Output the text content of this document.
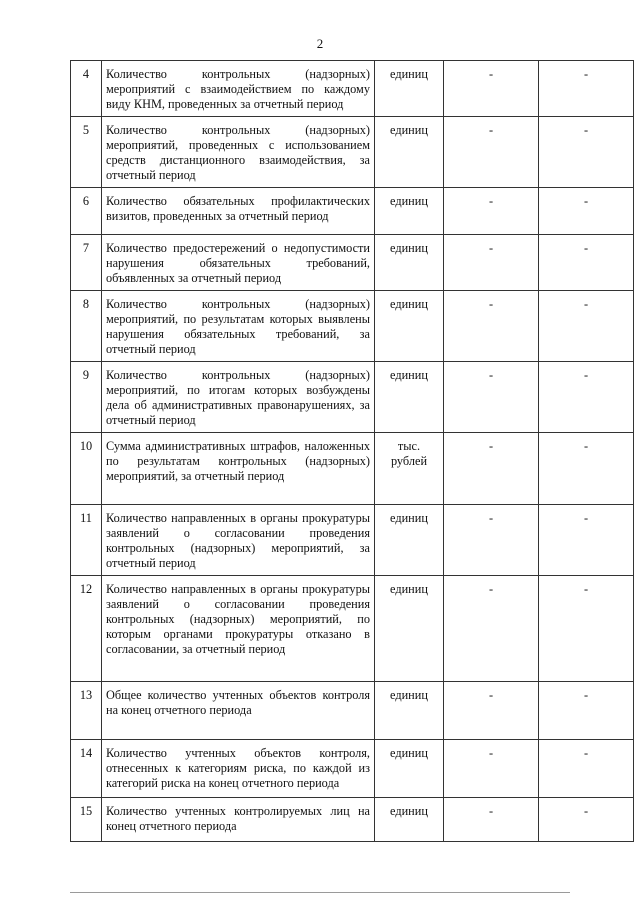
2
4	Количество контрольных (надзорных) мероприятий с взаимодействием по каждому виду КНМ, проведенных за отчетный период	единиц	-	-
5	Количество контрольных (надзорных) мероприятий, проведенных с использованием средств дистанционного взаимодействия, за отчетный период	единиц	-	-
6	Количество обязательных профилактических визитов, проведенных за отчетный период	единиц	-	-
7	Количество предостережений о недопустимости нарушения обязательных требований, объявленных за отчетный период	единиц	-	-
8	Количество контрольных (надзорных) мероприятий, по результатам которых выявлены нарушения обязательных требований, за отчетный период	единиц	-	-
9	Количество контрольных (надзорных) мероприятий, по итогам которых возбуждены дела об административных правонарушениях, за отчетный период	единиц	-	-
10	Сумма административных штрафов, наложенных по результатам контрольных (надзорных) мероприятий, за отчетный период	тыс. рублей	-	-
11	Количество направленных в органы прокуратуры заявлений о согласовании проведения контрольных (надзорных) мероприятий, за отчетный период	единиц	-	-
12	Количество направленных в органы прокуратуры заявлений о согласовании проведения контрольных (надзорных) мероприятий, по которым органами прокуратуры отказано в согласовании, за отчетный период	единиц	-	-
13	Общее количество учтенных объектов контроля на конец отчетного периода	единиц	-	-
14	Количество учтенных объектов контроля, отнесенных к категориям риска, по каждой из категорий риска на конец отчетного периода	единиц	-	-
15	Количество учтенных контролируемых лиц на конец отчетного периода	единиц	-	-
